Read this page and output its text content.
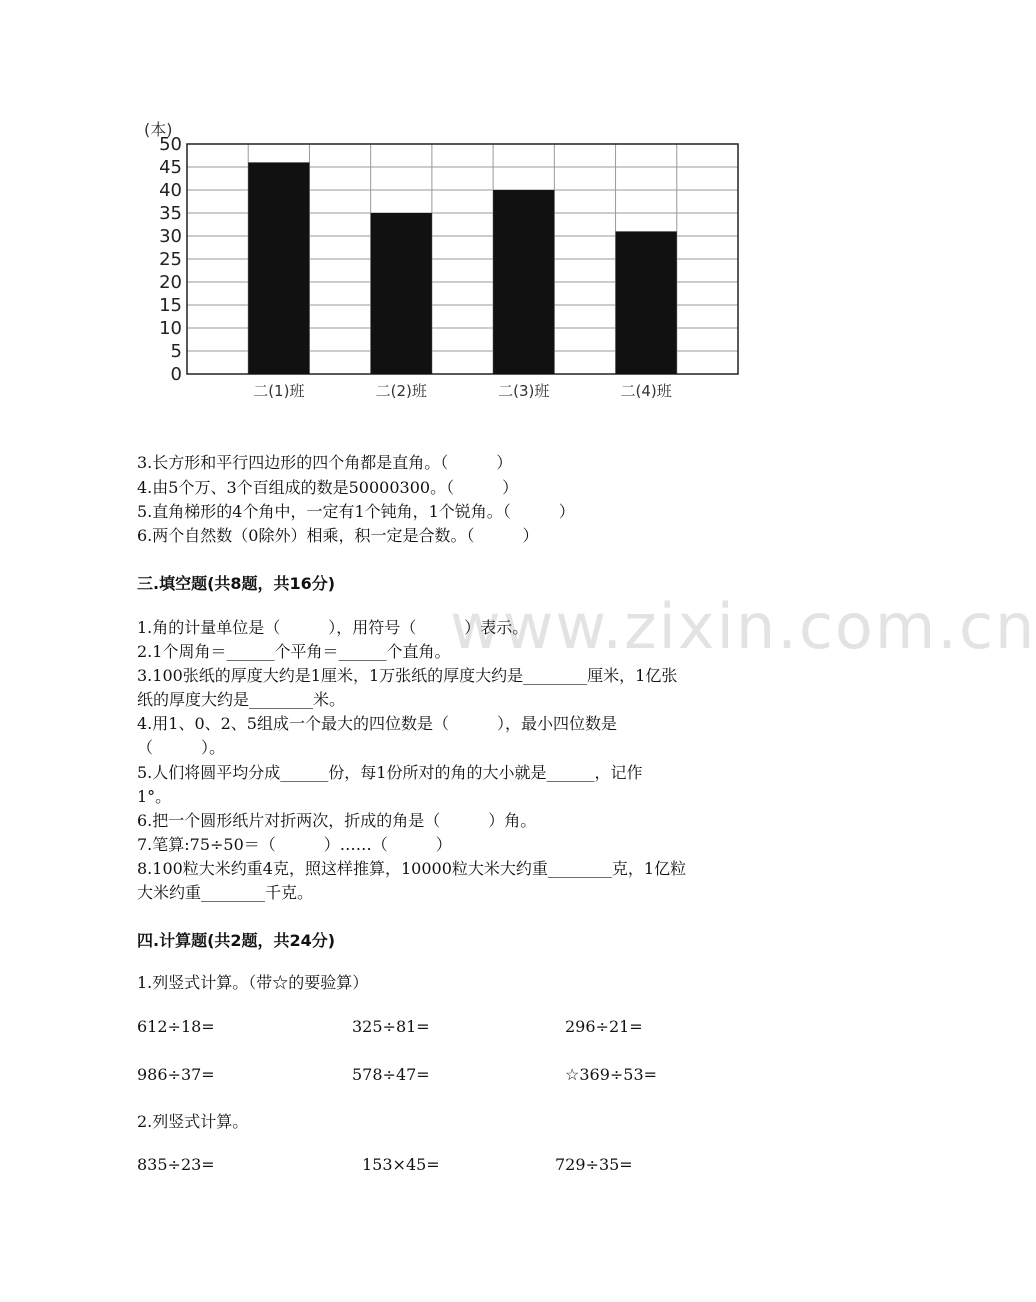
0
5
10
15
20
25
30
35
40
45
50
二(1)班	二(2)班	二(3)班	二(4)班
(本)
www.zixin.com.cn
3.长方形和平行四边形的四个角都是直角。（　　　）
4.由5个万、3个百组成的数是50000300。（　　　）
5.直角梯形的4个角中，一定有1个钝角，1个锐角。（　　　）
6.两个自然数（0除外）相乘，积一定是合数。（　　　）
三.填空题(共8题，共16分)
1.角的计量单位是（　　　），用符号（　　　）表示。
2.1个周角＝______个平角＝______个直角。
3.100张纸的厚度大约是1厘米，1万张纸的厚度大约是________厘米，1亿张
纸的厚度大约是________米。
4.用1、0、2、5组成一个最大的四位数是（　　　），最小四位数是
（　　　）。
5.人们将圆平均分成______份，每1份所对的角的大小就是______，记作
1°。
6.把一个圆形纸片对折两次，折成的角是（　　　）角。
7.笔算:75÷50＝（　　　）……（　　　）
8.100粒大米约重4克，照这样推算，10000粒大米大约重________克，1亿粒
大米约重________千克。
四.计算题(共2题，共24分)
1.列竖式计算。（带☆的要验算）
612÷18=	325÷81=	296÷21=
986÷37=	578÷47=	☆369÷53=
2.列竖式计算。
835÷23=	153×45=	729÷35=
